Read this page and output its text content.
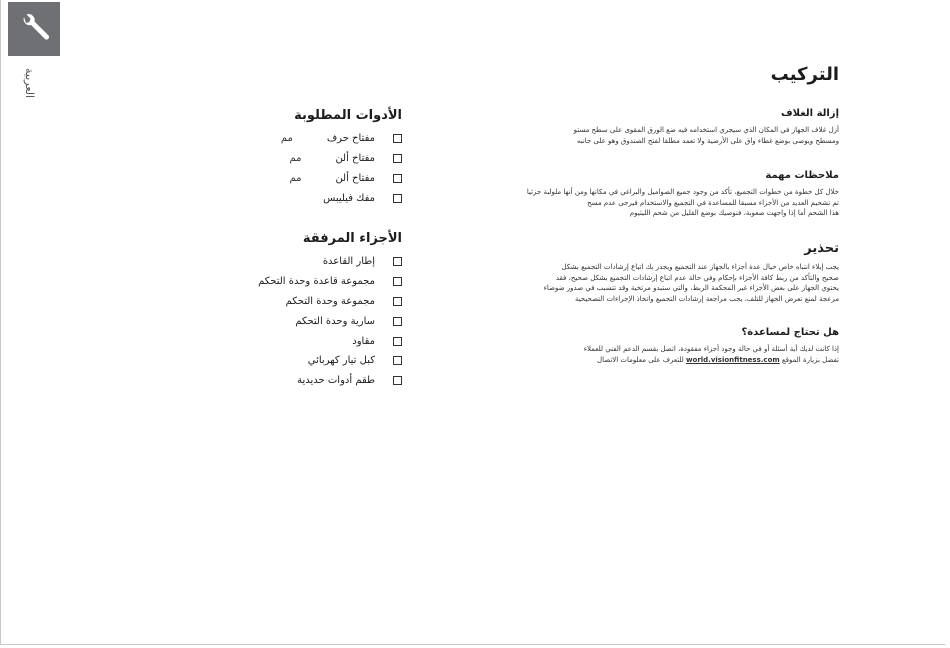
العربية	التركيب
إزالة الغلاف

أزل غلاف الجهاز في المكان الذي سيجري استخدامه فيه ضع الورق المقوى على سطح مستو

ومسطح ويوصى بوضع غطاء واق على الأرضية ولا تعمد مطلقا لفتح الصندوق وهو على جانبه

ملاحظات مهمة

خلال كل خطوة من خطوات التجميع، تأكد من وجود جميع الصواميل والبراغي في مكانها ومن أنها ملولبة جزئيا

تم تشحيم العديد من الأجزاء مسبقا للمساعدة في التجميع والاستخدام فيرجى عدم مسح

هذا الشحم أما إذا واجهت صعوبة، فنوصيك بوضع القليل من شحم الليثيوم

تحذير

يجب إيلاء انتباه خاص حيال عدة أجزاء بالجهاز عند التجميع ويجدر بك اتباع إرشادات التجميع بشكل

صحيح والتأكد من ربط كافة الأجزاء بإحكام وفي حالة عدم اتباع إرشادات التجميع بشكل صحيح، فقد

يحتوي الجهاز على بعض الأجزاء غير المحكمة الربط، والتي ستبدو مرتخية وقد تتسبب في صدور ضوضاء

مزعجة لمنع تعرض الجهاز للتلف، يجب مراجعة إرشادات التجميع واتخاذ الإجراءات التصحيحية

هل تحتاج لمساعدة؟

إذا كانت لديك أية أسئلة أو في حالة وجود أجزاء مفقودة، اتصل بقسم الدعم الفني للعملاء

تفضل بزيارة الموقع world.visionfitness.com للتعرف على معلومات الاتصال

الأدوات المطلوبة
مفتاح حرف
مم
مفتاح ألن
مم
مفتاح ألن
مم
مفك فيليبس
الأجزاء المرفقة
إطار القاعدة
مجموعة قاعدة وحدة التحكم
مجموعة وحدة التحكم
سارية وحدة التحكم
مقاود
كبل تيار كهربائي
طقم أدوات حديدية
